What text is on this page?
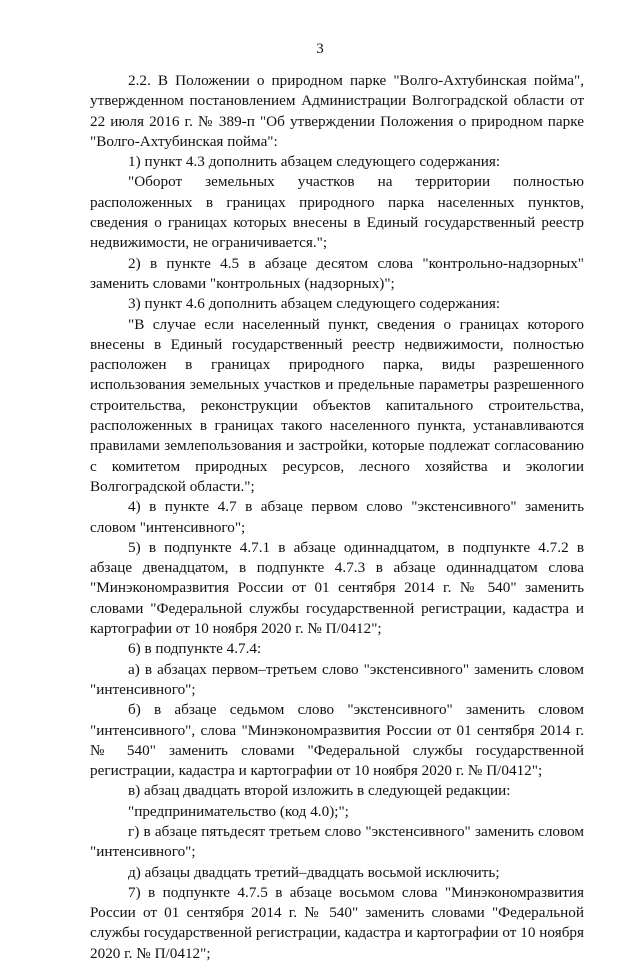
3

2.2. В Положении о природном парке "Волго-Ахтубинская пойма", утвержденном постановлением Администрации Волгоградской области от 22 июля 2016 г. № 389-п "Об утверждении Положения о природном парке "Волго-Ахтубинская пойма":

1) пункт 4.3 дополнить абзацем следующего содержания:

"Оборот земельных участков на территории полностью расположенных в границах природного парка населенных пунктов, сведения о границах которых внесены в Единый государственный реестр недвижимости, не ограничивается.";

2) в пункте 4.5 в абзаце десятом слова "контрольно-надзорных" заменить словами "контрольных (надзорных)";

3) пункт 4.6 дополнить абзацем следующего содержания:

"В случае если населенный пункт, сведения о границах которого внесены в Единый государственный реестр недвижимости, полностью расположен в границах природного парка, виды разрешенного использования земельных участков и предельные параметры разрешенного строительства, реконструкции объектов капитального строительства, расположенных в границах такого населенного пункта, устанавливаются правилами землепользования и застройки, которые подлежат согласованию с комитетом природных ресурсов, лесного хозяйства и экологии Волгоградской области.";

4) в пункте 4.7 в абзаце первом слово "экстенсивного" заменить словом "интенсивного";

5) в подпункте 4.7.1 в абзаце одиннадцатом, в подпункте 4.7.2 в абзаце двенадцатом, в подпункте 4.7.3 в абзаце одиннадцатом слова "Минэкономразвития России от 01 сентября 2014 г. № 540" заменить словами "Федеральной службы государственной регистрации, кадастра и картографии от 10 ноября 2020 г. № П/0412";

6) в подпункте 4.7.4:

а) в абзацах первом–третьем слово "экстенсивного" заменить словом "интенсивного";

б) в абзаце седьмом слово "экстенсивного" заменить словом "интенсивного", слова "Минэкономразвития России от 01 сентября 2014 г. № 540" заменить словами "Федеральной службы государственной регистрации, кадастра и картографии от 10 ноября 2020 г. № П/0412";

в) абзац двадцать второй изложить в следующей редакции:

"предпринимательство (код 4.0);";

г) в абзаце пятьдесят третьем слово "экстенсивного" заменить словом "интенсивного";

д) абзацы двадцать третий–двадцать восьмой исключить;

7) в подпункте 4.7.5 в абзаце восьмом слова "Минэкономразвития России от 01 сентября 2014 г. № 540" заменить словами "Федеральной службы государственной регистрации, кадастра и картографии от 10 ноября 2020 г. № П/0412";
